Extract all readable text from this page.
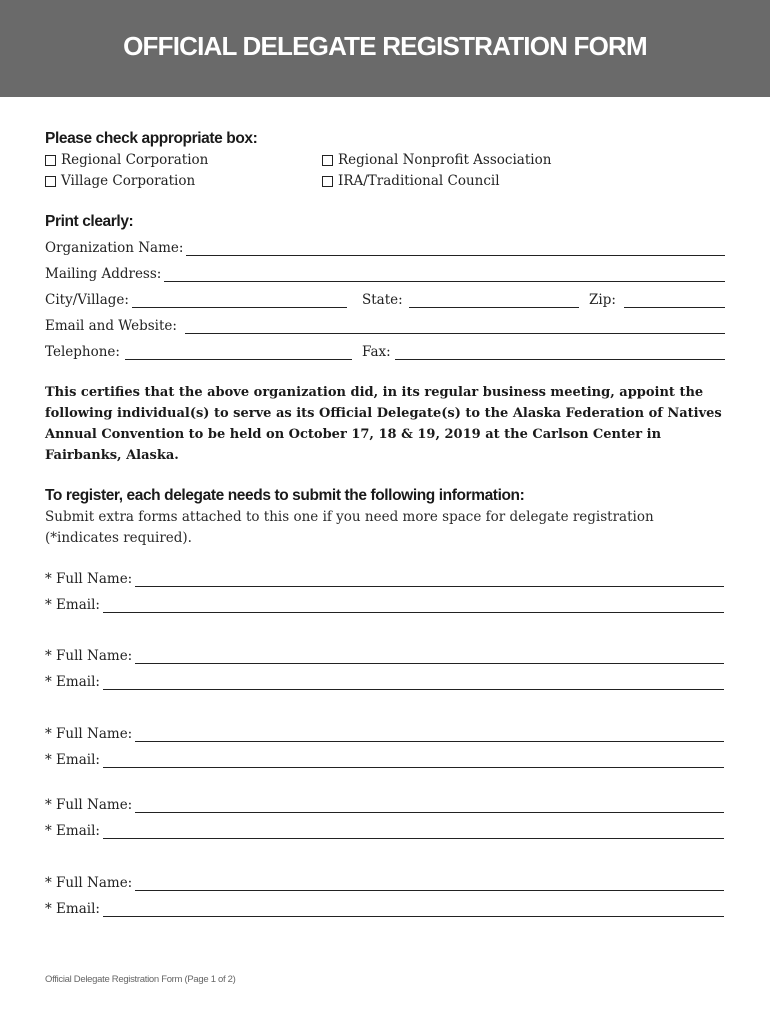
OFFICIAL DELEGATE REGISTRATION FORM
Please check appropriate box:
Regional Corporation
Village Corporation
Regional Nonprofit Association
IRA/Traditional Council
Print clearly:
Organization Name:
Mailing Address:
City/Village:	State:	Zip:
Email and Website:
Telephone:	Fax:
This certifies that the above organization did, in its regular business meeting, appoint the following individual(s) to serve as its Official Delegate(s) to the Alaska Federation of Natives Annual Convention to be held on October 17, 18 & 19, 2019 at the Carlson Center in Fairbanks, Alaska.
To register, each delegate needs to submit the following information:
Submit extra forms attached to this one if you need more space for delegate registration (*indicates required).
* Full Name:
* Email:
* Full Name:
* Email:
* Full Name:
* Email:
* Full Name:
* Email:
* Full Name:
* Email:
Official Delegate Registration Form (Page 1 of 2)
